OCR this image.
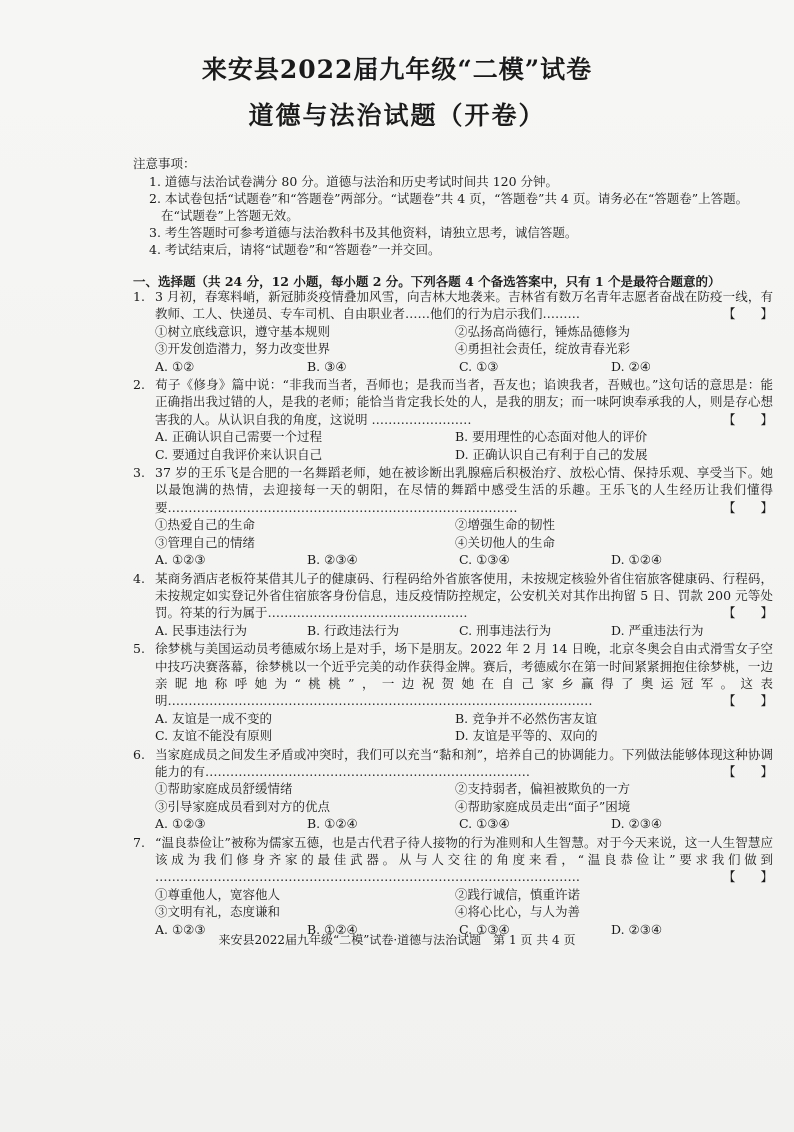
来安县2022届九年级“二模”试卷
道德与法治试题（开卷）
注意事项：
1. 道德与法治试卷满分 80 分。道德与法治和历史考试时间共 120 分钟。
2. 本试卷包括“试题卷”和“答题卷”两部分。“试题卷”共 4 页，“答题卷”共 4 页。请务必在“答题卷”上答题。在“试题卷”上答题无效。
3. 考生答题时可参考道德与法治教科书及其他资料，请独立思考，诚信答题。
4. 考试结束后，请将“试题卷”和“答题卷”一并交回。
一、选择题（共 24 分，12 小题，每小题 2 分。下列各题 4 个备选答案中，只有 1 个是最符合题意的）
1. 3 月初，春寒料峭，新冠肺炎疫情叠加风雪，向吉林大地袭来。吉林省有数万名青年志愿者奋战在防疫一线，有教师、工人、快递员、专车司机、自由职业者……他们的行为启示我们………	【　　】
①树立底线意识，遵守基本规则	②弘扬高尚德行，锤炼品德修为
③开发创造潜力，努力改变世界	④勇担社会责任，绽放青春光彩
A. ①②	B. ③④	C. ①③	D. ②④
2. 荀子《修身》篇中说：“非我而当者，吾师也；是我而当者，吾友也；谄谀我者，吾贼也。”这句话的意思是：能正确指出我过错的人，是我的老师；能恰当肯定我长处的人，是我的朋友；而一味阿谀奉承我的人，则是存心想害我的人。从认识自我的角度，这说明 ……………………	【　　】
A. 正确认识自己需要一个过程	B. 要用理性的心态面对他人的评价
C. 要通过自我评价来认识自己	D. 正确认识自己有利于自己的发展
3. 37 岁的王乐飞是合肥的一名舞蹈老师，她在被诊断出乳腺癌后积极治疗、放松心情、保持乐观、享受当下。她以最饱满的热情，去迎接每一天的朝阳，在尽情的舞蹈中感受生活的乐趣。王乐飞的人生经历让我们懂得要…………………………………………………………………………	【　　】
①热爱自己的生命	②增强生命的韧性
③管理自己的情绪	④关切他人的生命
A. ①②③	B. ②③④	C. ①③④	D. ①②④
4. 某商务酒店老板符某借其儿子的健康码、行程码给外省旅客使用，未按规定核验外省住宿旅客健康码、行程码，未按规定如实登记外省住宿旅客身份信息，违反疫情防控规定，公安机关对其作出拘留 5 日、罚款 200 元等处罚。符某的行为属于…………………………………………	【　　】
A. 民事违法行为	B. 行政违法行为	C. 刑事违法行为	D. 严重违法行为
5. 徐梦桃与美国运动员考德威尔场上是对手，场下是朋友。2022 年 2 月 14 日晚，北京冬奥会自由式滑雪女子空中技巧决赛落幕，徐梦桃以一个近乎完美的动作获得金牌。赛后，考德威尔在第一时间紧紧拥抱住徐梦桃，一边亲昵地称呼她为“桃桃”，一边祝贺她在自己家乡赢得了奥运冠军。这表明…………………………………………………………………………………………	【　　】
A. 友谊是一成不变的	B. 竞争并不必然伤害友谊
C. 友谊不能没有原则	D. 友谊是平等的、双向的
6. 当家庭成员之间发生矛盾或冲突时，我们可以充当“黏和剂”，培养自己的协调能力。下列做法能够体现这种协调能力的有……………………………………………………………………	【　　】
①帮助家庭成员舒缓情绪	②支持弱者，偏袒被欺负的一方
③引导家庭成员看到对方的优点	④帮助家庭成员走出“面子”困境
A. ①②③	B. ①②④	C. ①③④	D. ②③④
7. “温良恭俭让”被称为儒家五德，也是古代君子待人接物的行为准则和人生智慧。对于今天来说，这一人生智慧应该成为我们修身齐家的最佳武器。从与人交往的角度来看，“温良恭俭让”要求我们做到 …………………………………………………………………………………………	【　　】
①尊重他人，宽容他人	②践行诚信，慎重许诺
③文明有礼，态度谦和	④将心比心，与人为善
A. ①②③	B. ①②④	C. ①③④	D. ②③④
来安县2022届九年级“二模”试卷·道德与法治试题　第 1 页 共 4 页
